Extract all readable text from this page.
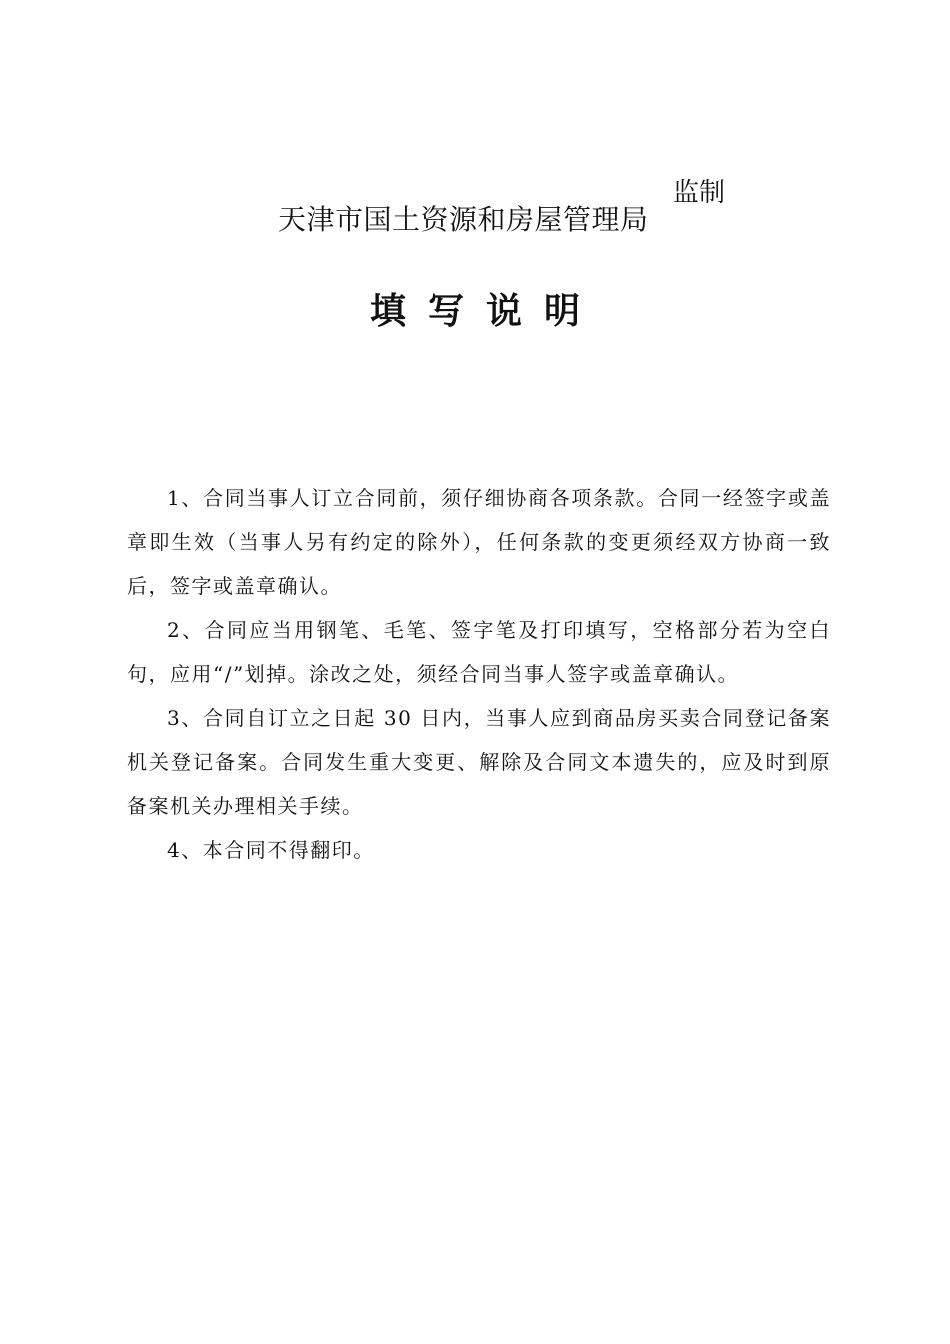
天津市国土资源和房屋管理局
监制
填写说明

1、合同当事人订立合同前，须仔细协商各项条款。合同一经签字或盖章即生效（当事人另有约定的除外），任何条款的变更须经双方协商一致后，签字或盖章确认。

2、合同应当用钢笔、毛笔、签字笔及打印填写，空格部分若为空白句，应用“/”划掉。涂改之处，须经合同当事人签字或盖章确认。

3、合同自订立之日起 30 日内，当事人应到商品房买卖合同登记备案机关登记备案。合同发生重大变更、解除及合同文本遗失的，应及时到原备案机关办理相关手续。

4、本合同不得翻印。
